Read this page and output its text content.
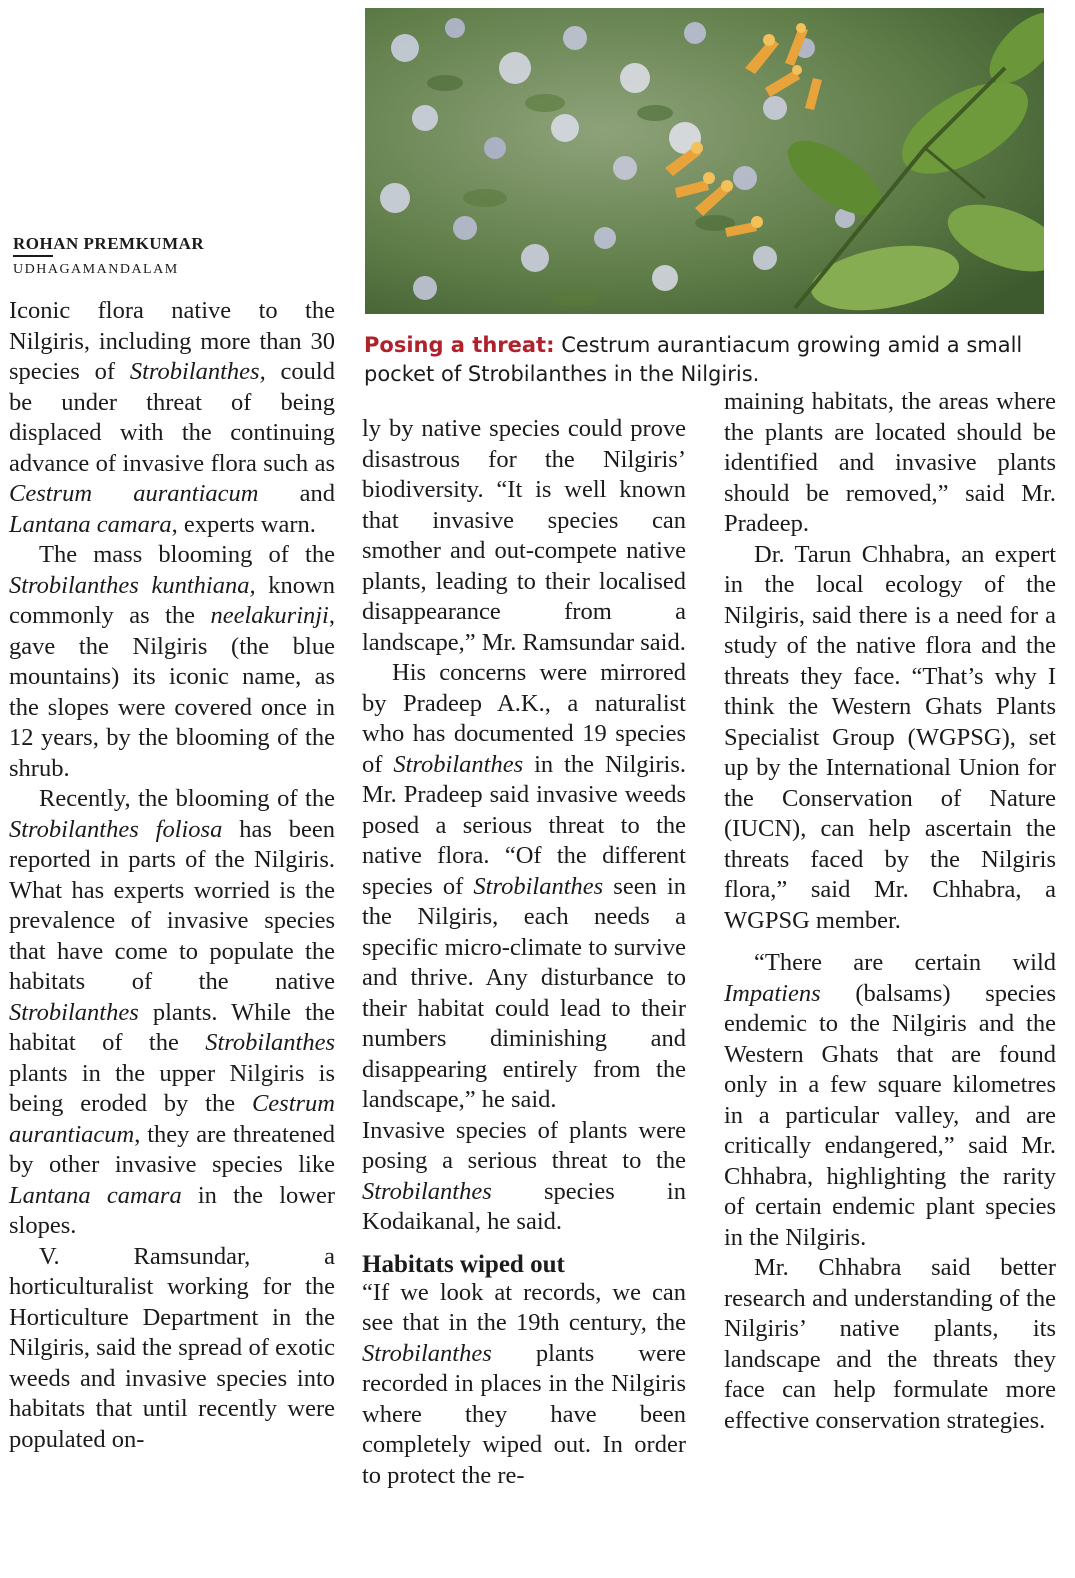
ROHAN PREMKUMAR
UDHAGAMANDALAM
Posing a threat: Cestrum aurantiacum growing amid a small pocket of Strobilanthes in the Nilgiris.

Iconic flora native to the Nilgiris, including more than 30 species of Strobilanthes, could be under threat of being displaced with the continuing advance of invasive flora such as Cestrum aurantiacum and Lantana camara, experts warn.

The mass blooming of the Strobilanthes kunthiana, known commonly as the neelakurinji, gave the Nilgiris (the blue mountains) its iconic name, as the slopes were covered once in 12 years, by the blooming of the shrub.

Recently, the blooming of the Strobilanthes foliosa has been reported in parts of the Nilgiris. What has experts worried is the prevalence of invasive species that have come to populate the habitats of the native Strobilanthes plants. While the habitat of the Strobilanthes plants in the upper Nilgiris is being eroded by the Cestrum aurantiacum, they are threatened by other invasive species like Lantana camara in the lower slopes.

V. Ramsundar, a horticulturalist working for the Horticulture Department in the Nilgiris, said the spread of exotic weeds and invasive species into habitats that until recently were populated on-

ly by native species could prove disastrous for the Nilgiris’ biodiversity. “It is well known that invasive species can smother and out-compete native plants, leading to their localised disappearance from a landscape,” Mr. Ramsundar said.

His concerns were mirrored by Pradeep A.K., a naturalist who has documented 19 species of Strobilanthes in the Nilgiris. Mr. Pradeep said invasive weeds posed a serious threat to the native flora. “Of the different species of Strobilanthes seen in the Nilgiris, each needs a specific micro-climate to survive and thrive. Any disturbance to their habitat could lead to their numbers diminishing and disappearing entirely from the landscape,” he said.

Invasive species of plants were posing a serious threat to the Strobilanthes species in Kodaikanal, he said.

Habitats wiped out

“If we look at records, we can see that in the 19th century, the Strobilanthes plants were recorded in places in the Nilgiris where they have been completely wiped out. In order to protect the re-

maining habitats, the areas where the plants are located should be identified and invasive plants should be removed,” said Mr. Pradeep.

Dr. Tarun Chhabra, an expert in the local ecology of the Nilgiris, said there is a need for a study of the native flora and the threats they face. “That’s why I think the Western Ghats Plants Specialist Group (WGPSG), set up by the International Union for the Conservation of Nature (IUCN), can help ascertain the threats faced by the Nilgiris flora,” said Mr. Chhabra, a WGPSG member.

“There are certain wild Impatiens (balsams) species endemic to the Nilgiris and the Western Ghats that are found only in a few square kilometres in a particular valley, and are critically endangered,” said Mr. Chhabra, highlighting the rarity of certain endemic plant species in the Nilgiris.

Mr. Chhabra said better research and understanding of the Nilgiris’ native plants, its landscape and the threats they face can help formulate more effective conservation strategies.
